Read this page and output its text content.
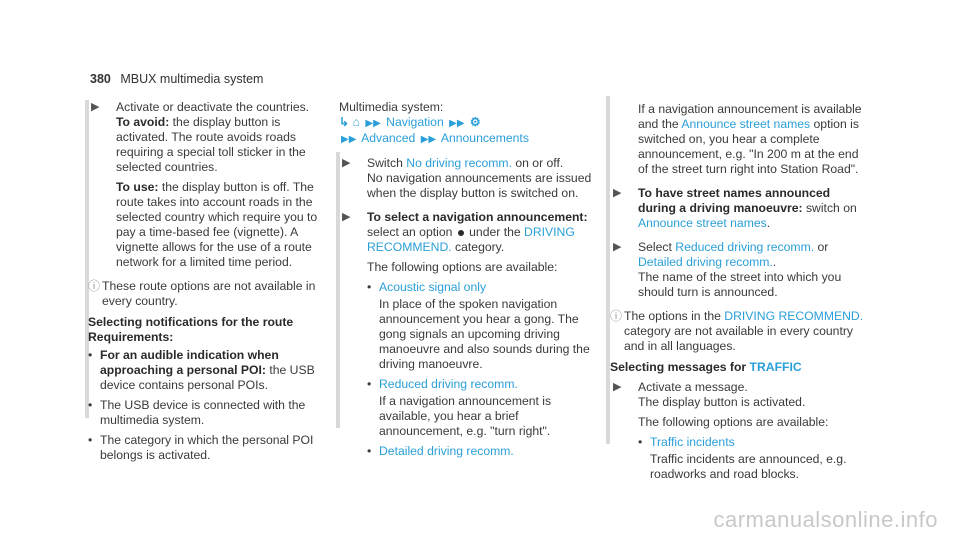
380 MBUX multimedia system
▶ Activate or deactivate the countries.
To avoid: the display button is activated. The route avoids roads requiring a special toll sticker in the selected countries.

To use: the display button is off. The route takes into account roads in the selected country which require you to pay a time-based fee (vignette). A vignette allows for the use of a route network for a limited time period.

ⓘ These route options are not available in every country.

Selecting notifications for the route

Requirements:

• For an audible indication when approaching a personal POI: the USB device contains personal POIs.
• The USB device is connected with the multimedia system.
• The category in which the personal POI belongs is activated.
Multimedia system:
↳ ⌂ ▶▶ Navigation ▶▶ ⚙
▶▶ Advanced ▶▶ Announcements
▶ Switch No driving recomm. on or off.
No navigation announcements are issued when the display button is switched on.

▶ To select a navigation announcement:
select an option under the DRIVING RECOMMEND. category.

The following options are available:

• Acoustic signal only
In place of the spoken navigation announcement you hear a gong. The gong signals an upcoming driving manoeuvre and also sounds during the driving manoeuvre.
• Reduced driving recomm.
If a navigation announcement is available, you hear a brief announcement, e.g. "turn right".
• Detailed driving recomm.
If a navigation announcement is available and the Announce street names option is switched on, you hear a complete announcement, e.g. "In 200 m at the end of the street turn right into Station Road".
▶ To have street names announced during a driving manoeuvre: switch on Announce street names.

▶ Select Reduced driving recomm. or Detailed driving recomm..
The name of the street into which you should turn is announced.

ⓘ The options in the DRIVING RECOMMEND. category are not available in every country and in all languages.

Selecting messages for TRAFFIC

▶ Activate a message.
The display button is activated.

The following options are available:

• Traffic incidents
Traffic incidents are announced, e.g. roadworks and road blocks.
carmanualsonline.info
